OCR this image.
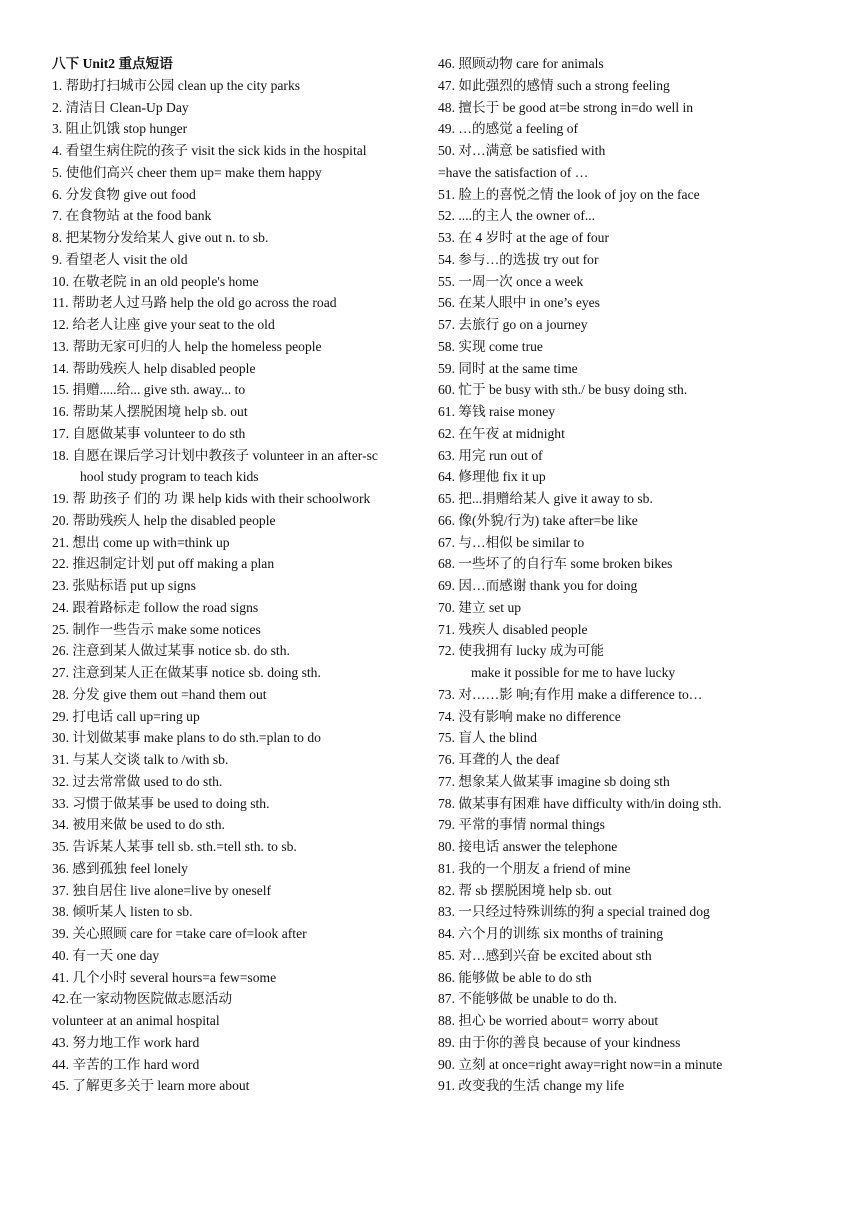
八下 Unit2 重点短语
1. 帮助打扫城市公园 clean up the city parks
2. 清洁日 Clean-Up Day
3. 阻止饥饿 stop hunger
4. 看望生病住院的孩子 visit the sick kids in the hospital
5. 使他们高兴 cheer them up= make them happy
6. 分发食物 give out food
7. 在食物站 at the food bank
8. 把某物分发给某人 give out n. to sb.
9. 看望老人 visit the old
10. 在敬老院 in an old people's home
11. 帮助老人过马路 help the old go across the road
12. 给老人让座 give your seat to the old
13. 帮助无家可归的人 help the homeless people
14. 帮助残疾人 help disabled people
15. 捐赠.....给... give sth. away... to
16. 帮助某人摆脱困境 help sb. out
17. 自愿做某事 volunteer to do sth
18. 自愿在课后学习计划中教孩子 volunteer in an after-sc
hool study program to teach kids
19. 帮 助孩子 们的 功 课 help kids with their schoolwork
20. 帮助残疾人 help the disabled people
21. 想出 come up with=think up
22. 推迟制定计划 put off making a plan
23. 张贴标语 put up signs
24. 跟着路标走 follow the road signs
25. 制作一些告示 make some notices
26. 注意到某人做过某事 notice sb. do sth.
27. 注意到某人正在做某事 notice sb. doing sth.
28. 分发 give them out =hand them out
29. 打电话 call up=ring up
30. 计划做某事 make plans to do sth.=plan to do
31. 与某人交谈 talk to /with sb.
32. 过去常常做 used to do sth.
33. 习惯于做某事 be used to doing sth.
34. 被用来做 be used to do sth.
35. 告诉某人某事 tell sb. sth.=tell sth. to sb.
36. 感到孤独 feel lonely
37. 独自居住 live alone=live by oneself
38. 倾听某人 listen to sb.
39. 关心照顾 care for =take care of=look after
40. 有一天 one day
41. 几个小时 several hours=a few=some
42.在一家动物医院做志愿活动
volunteer at an animal hospital
43. 努力地工作 work hard
44. 辛苦的工作 hard word
45. 了解更多关于 learn more about
46. 照顾动物 care for animals
47. 如此强烈的感情 such a strong feeling
48. 擅长于 be good at=be strong in=do well in
49. …的感觉 a feeling of
50. 对…满意 be satisfied with
=have the satisfaction of …
51. 脸上的喜悦之情 the look of joy on the face
52. ....的主人 the owner of...
53. 在 4 岁时 at the age of four
54. 参与…的选拔 try out for
55. 一周一次 once a week
56. 在某人眼中 in one’s eyes
57. 去旅行 go on a journey
58. 实现 come true
59. 同时 at the same time
60. 忙于 be busy with sth./ be busy doing sth.
61. 筹钱 raise money
62. 在午夜 at midnight
63. 用完 run out of
64. 修理他 fix it up
65. 把...捐赠给某人 give it away to sb.
66. 像(外貌/行为) take after=be like
67. 与…相似 be similar to
68. 一些坏了的自行车 some broken bikes
69. 因…而感谢 thank you for doing
70. 建立 set up
71. 残疾人 disabled people
72. 使我拥有 lucky 成为可能
make it possible for me to have lucky
73. 对……影 响;有作用 make a difference to…
74. 没有影响 make no difference
75. 盲人 the blind
76. 耳聋的人 the deaf
77. 想象某人做某事 imagine sb doing sth
78. 做某事有困难 have difficulty with/in doing sth.
79. 平常的事情 normal things
80. 接电话 answer the telephone
81. 我的一个朋友 a friend of mine
82. 帮 sb 摆脱困境 help sb. out
83. 一只经过特殊训练的狗 a special trained dog
84. 六个月的训练 six months of training
85. 对…感到兴奋 be excited about sth
86. 能够做 be able to do sth
87. 不能够做 be unable to do th.
88. 担心 be worried about= worry about
89. 由于你的善良 because of your kindness
90. 立刻 at once=right away=right now=in a minute
91. 改变我的生活 change my life
